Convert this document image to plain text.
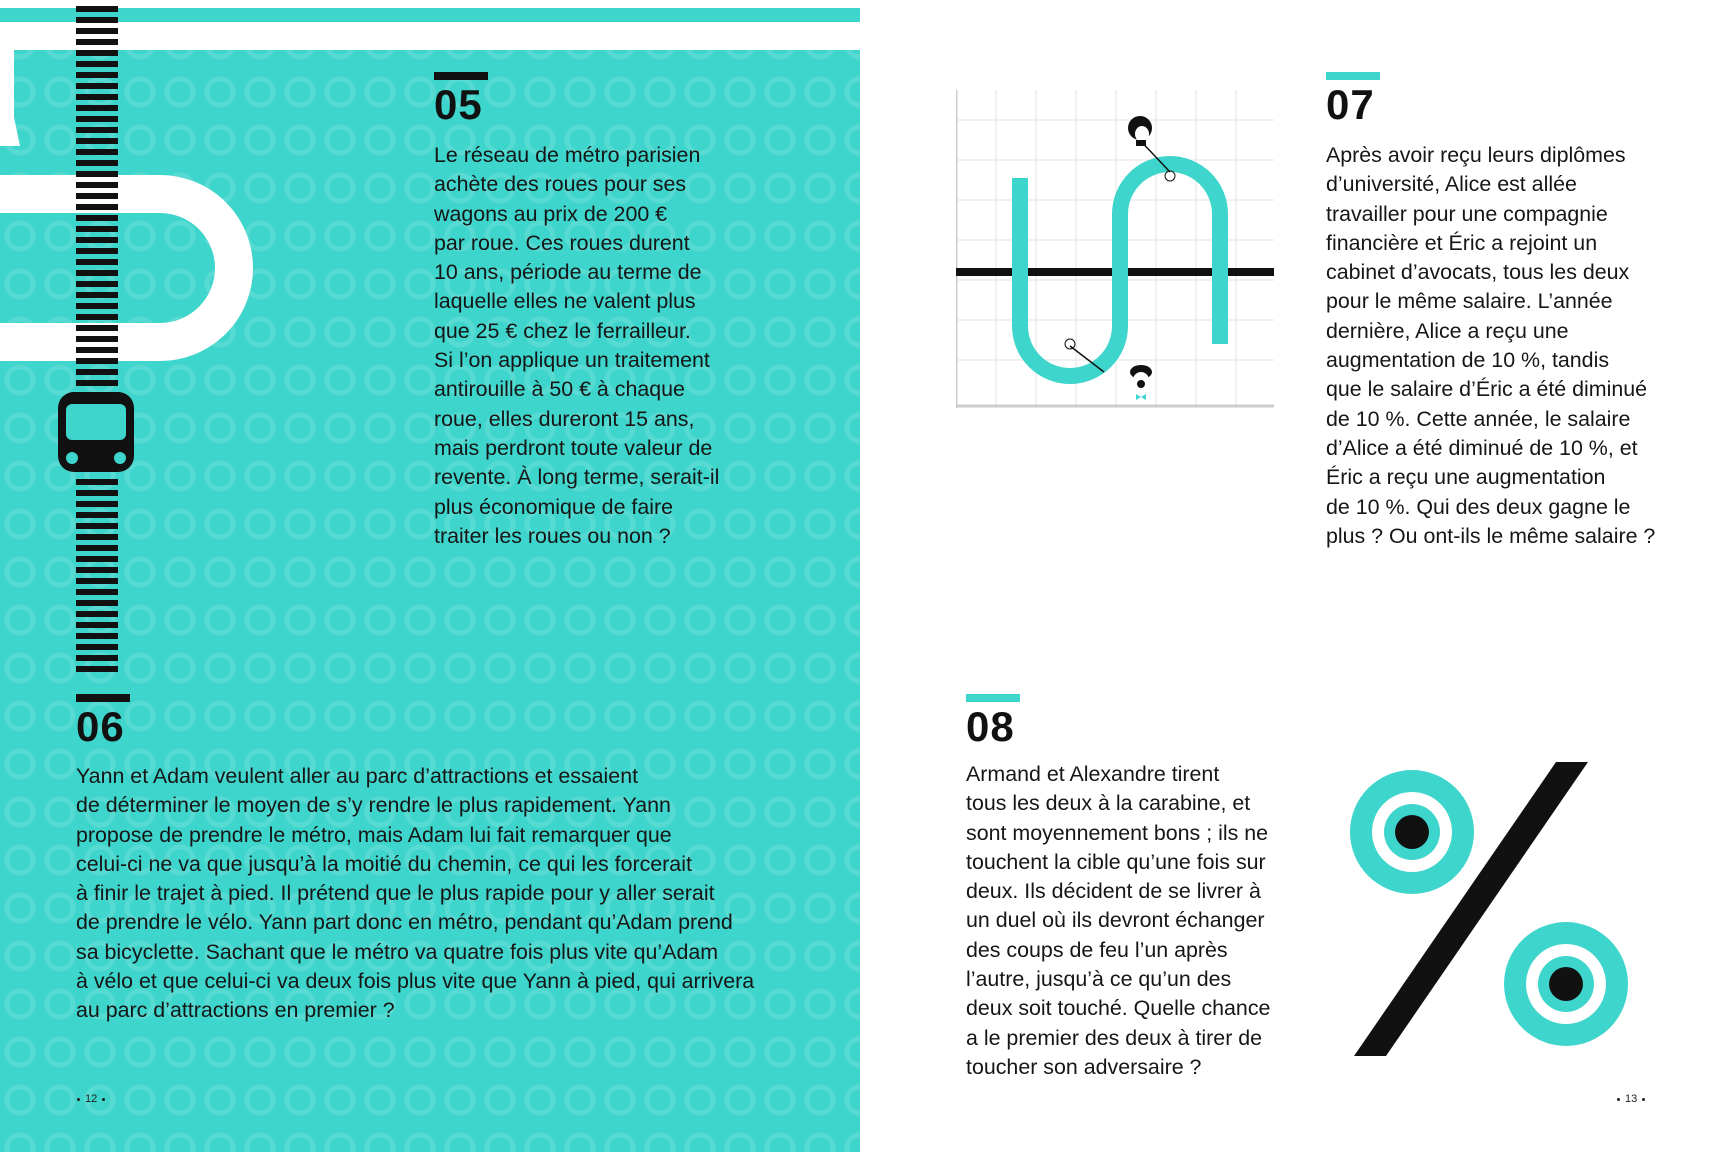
05

Le réseau de métro parisien
achète des roues pour ses
wagons au prix de 200 €
par roue. Ces roues durent
10 ans, période au terme de
laquelle elles ne valent plus
que 25 € chez le ferrailleur.
Si l’on applique un traitement
antirouille à 50 € à chaque
roue, elles dureront 15 ans,
mais perdront toute valeur de
revente. À long terme, serait-il
plus économique de faire
traiter les roues ou non ?

06

Yann et Adam veulent aller au parc d’attractions et essaient
de déterminer le moyen de s’y rendre le plus rapidement. Yann
propose de prendre le métro, mais Adam lui fait remarquer que
celui-ci ne va que jusqu’à la moitié du chemin, ce qui les forcerait
à finir le trajet à pied. Il prétend que le plus rapide pour y aller serait
de prendre le vélo. Yann part donc en métro, pendant qu’Adam prend
sa bicyclette. Sachant que le métro va quatre fois plus vite qu’Adam
à vélo et que celui-ci va deux fois plus vite que Yann à pied, qui arrivera
au parc d’attractions en premier ?

12
07

Après avoir reçu leurs diplômes
d’université, Alice est allée
travailler pour une compagnie
financière et Éric a rejoint un
cabinet d’avocats, tous les deux
pour le même salaire. L’année
dernière, Alice a reçu une
augmentation de 10 %, tandis
que le salaire d’Éric a été diminué
de 10 %. Cette année, le salaire
d’Alice a été diminué de 10 %, et
Éric a reçu une augmentation
de 10 %. Qui des deux gagne le
plus ? Ou ont-ils le même salaire ?

08

Armand et Alexandre tirent
tous les deux à la carabine, et
sont moyennement bons ; ils ne
touchent la cible qu’une fois sur
deux. Ils décident de se livrer à
un duel où ils devront échanger
des coups de feu l’un après
l’autre, jusqu’à ce qu’un des
deux soit touché. Quelle chance
a le premier des deux à tirer de
toucher son adversaire ?

13
